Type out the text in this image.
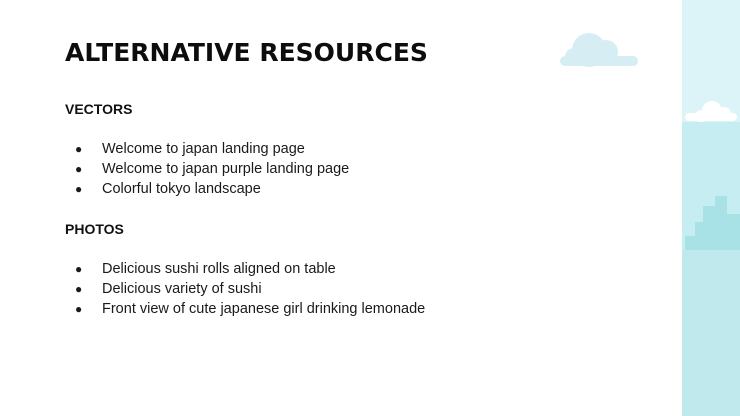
ALTERNATIVE RESOURCES
VECTORS
● Welcome to japan landing page
● Welcome to japan purple landing page
● Colorful tokyo landscape
PHOTOS
● Delicious sushi rolls aligned on table
● Delicious variety of sushi
● Front view of cute japanese girl drinking lemonade
